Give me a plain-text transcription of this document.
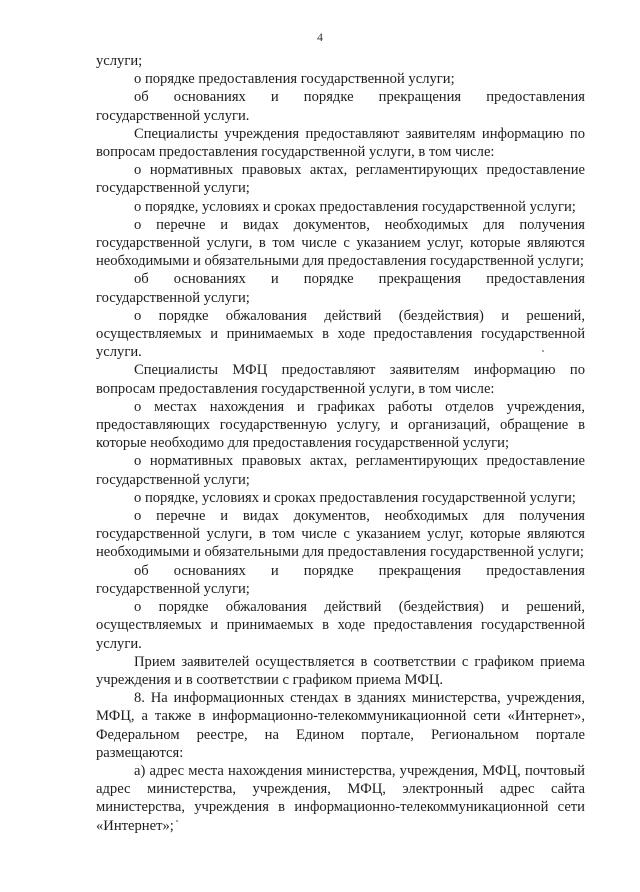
4

услуги;

о порядке предоставления государственной услуги;

об основаниях и порядке прекращения предоставления государственной услуги.

Специалисты учреждения предоставляют заявителям информацию по вопросам предоставления государственной услуги, в том числе:

о нормативных правовых актах, регламентирующих предоставление государственной услуги;

о порядке, условиях и сроках предоставления государственной услуги;

о перечне и видах документов, необходимых для получения государственной услуги, в том числе с указанием услуг, которые являются необходимыми и обязательными для предоставления государственной услуги;

об основаниях и порядке прекращения предоставления государственной услуги;

о порядке обжалования действий (бездействия) и решений, осуществляемых и принимаемых в ходе предоставления государственной услуги.

Специалисты МФЦ предоставляют заявителям информацию по вопросам предоставления государственной услуги, в том числе:

о местах нахождения и графиках работы отделов учреждения, предоставляющих государственную услугу, и организаций, обращение в которые необходимо для предоставления государственной услуги;

о нормативных правовых актах, регламентирующих предоставление государственной услуги;

о порядке, условиях и сроках предоставления государственной услуги;

о перечне и видах документов, необходимых для получения государственной услуги, в том числе с указанием услуг, которые являются необходимыми и обязательными для предоставления государственной услуги;

об основаниях и порядке прекращения предоставления государственной услуги;

о порядке обжалования действий (бездействия) и решений, осуществляемых и принимаемых в ходе предоставления государственной услуги.

Прием заявителей осуществляется в соответствии с графиком приема учреждения и в соответствии с графиком приема МФЦ.

8. На информационных стендах в зданиях министерства, учреждения, МФЦ, а также в информационно-телекоммуникационной сети «Интернет», Федеральном реестре, на Едином портале, Региональном портале размещаются:

а) адрес места нахождения министерства, учреждения, МФЦ, почтовый адрес министерства, учреждения, МФЦ, электронный адрес сайта министерства, учреждения в информационно-телекоммуникационной сети «Интернет»;
